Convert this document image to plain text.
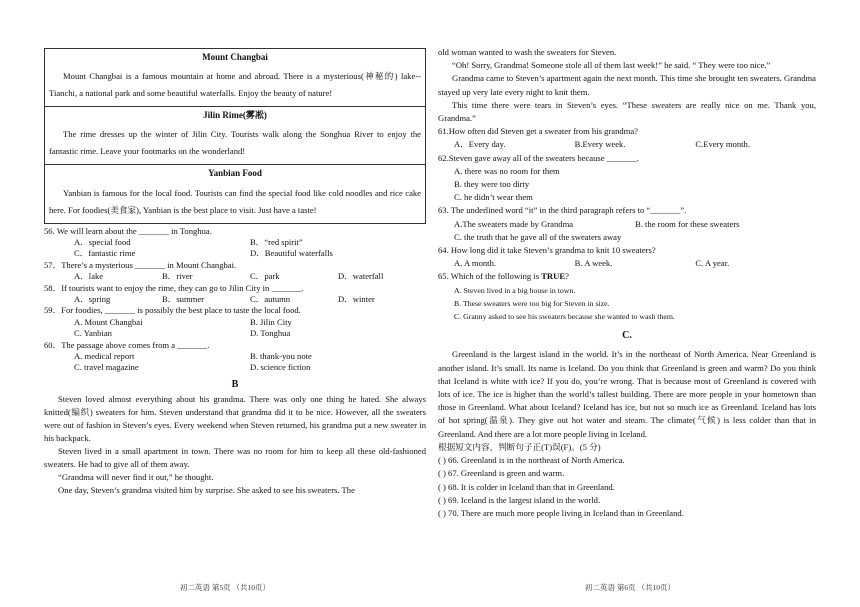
Mount Changbai
Mount Changbai is a famous mountain at home and abroad. There is a mysterious(神秘的) lake-- Tianchi, a national park and some beautiful waterfalls. Enjoy the beauty of nature!
Jilin Rime(雾凇)
The rime dresses up the winter of Jilin City. Tourists walk along the Songhua River to enjoy the fantastic rime. Leave your footmarks on the wonderland!
Yanbian Food
Yanbian is famous for the local food. Tourists can find the special food like cold noodles and rice cake here. For foodies(美食家), Yanbian is the best place to visit. Just have a taste!
56. We will learn about the _______ in Tonghua.
A．special food	B．“red spirit”
C．fantastic rime	D．Beautiful waterfalls
57．There’s a mysterious _______ in Mount Changbai.
A．lake	B．river	C．park	D．waterfall
58．If tourists want to enjoy the rime, they can go to Jilin City in _______.
A．spring	B．summer	C．autumn	D．winter
59．For foodies, _______ is possibly the best place to taste the local food.
A. Mount Changbai	B. Jilin City
C. Yanbian	D. Tonghua
60．The passage above comes from a _______.
A. medical report	B. thank-you note
C. travel magazine	D. science fiction
B
Steven loved almost everything about his grandma. There was only one thing he hated. She always knitted(编织) sweaters for him. Steven understand that grandma did it to be nice. However, all the sweaters were out of fashion in Steven’s eyes. Every weekend when Steven returned, his grandma put a new sweater in his backpack.
Steven lived in a small apartment in town. There was no room for him to keep all these old-fashioned sweaters. He had to give all of them away.
“Grandma will never find it out,” he thought.
One day, Steven’s grandma visited him by surprise. She asked to see his sweaters. The
初二英语 第5页 （共10页）
old woman wanted to wash the sweaters for Steven.
“Oh! Sorry, Grandma! Someone stole all of them last week!” he said. “ They were too nice.”
Grandma came to Steven’s apartment again the next month. This time she brought ten sweaters. Grandma stayed up very late every night to knit them.
This time there were tears in Steven’s eyes. “These sweaters are really nice on me. Thank you, Grandma.”
61.How often did Steven get a sweater from his grandma?
A．Every day.	B.Every week.	C.Every month.
62.Steven gave away all of the sweaters because _______.
A. there was no room for them
B. they were too dirty
C. he didn’t wear them
63. The underlined word “it” in the third paragraph refers to “_______”.
A.The sweaters made by Grandma	B. the room for these sweaters
C. the truth that he gave all of the sweaters away
64. How long did it take Steven’s grandma to knit 10 sweaters?
A. A month.	B. A week.	C. A year.
65. Which of the following is TRUE?
A. Steven lived in a big house in town.
B. These sweaters were too big for Steven in size.
C. Granny asked to see his sweaters because she wanted to wash them.
C.
Greenland is the largest island in the world. It’s in the northeast of North America. Near Greenland is another island. It’s small. Its name is Iceland. Do you think that Greenland is green and warm? Do you think that Iceland is white with ice? If you do, you’re wrong. That is because most of Greenland is covered with lots of ice. The ice is higher than the world’s tallest building. There are more people in your hometown than those in Greenland. What about Iceland? Iceland has ice, but not so much ice as Greenland. Iceland has lots of hot spring(温泉). They give out hot water and steam. The climate(气候) is less colder than that in Greenland. And there are a lot more people living in Iceland.
根据短文内容，判断句子正(T)误(F)。(5 分)
( ) 66. Greenland is in the northeast of North America.
( ) 67. Greenland is green and warm.
( ) 68. It is colder in Iceland than that in Greenland.
( ) 69. Iceland is the largest island in the world.
( ) 70. There are much more people living in Iceland than in Greenland.
初二英语 第6页 （共10页）
